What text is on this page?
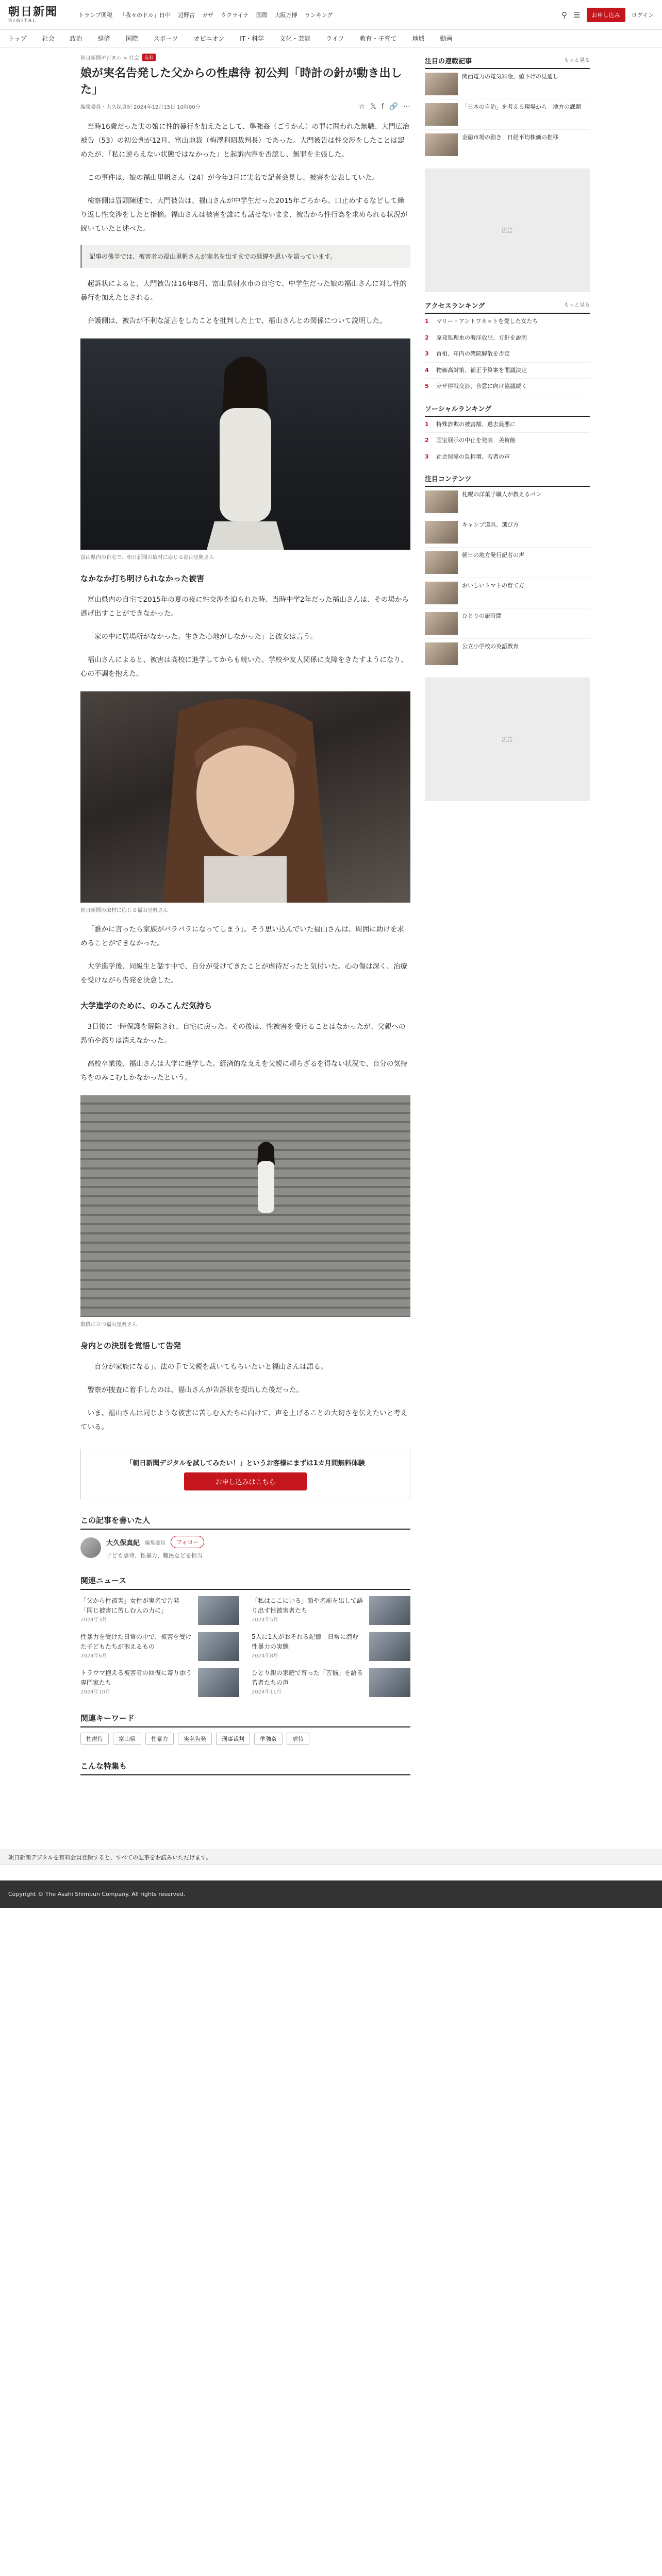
朝日新聞
DIGITAL
トランプ関税 「我々のドル」日中 辺野古 ガザ ウクライナ 国際 大阪万博 ランキング	⚲ ☰	お申し込み	ログイン
トップ	社会	政治	経済	国際	スポーツ	オピニオン	IT・科学	文化・芸能	ライフ	教育・子育て	地域	動画
朝日新聞デジタル > 社会	有料
娘が実名告発した父からの性虐待 初公判「時計の針が動き出した」
編集委員・大久保真紀 2024年12月15日 10時00分	☆ 𝕏 f 🔗 ⋯

当時16歳だった実の娘に性的暴行を加えたとして、準強姦（ごうかん）の罪に問われた無職、大門広治被告（53）の初公判が12月、富山地裁（梅澤利昭裁判長）であった。大門被告は性交渉をしたことは認めたが、「私に逆らえない状態ではなかった」と起訴内容を否認し、無罪を主張した。

この事件は、娘の福山里帆さん（24）が今年3月に実名で記者会見し、被害を公表していた。

検察側は冒頭陳述で、大門被告は、福山さんが中学生だった2015年ごろから、口止めするなどして繰り返し性交渉をしたと指摘。福山さんは被害を誰にも話せないまま、被告から性行為を求められる状況が続いていたと述べた。

記事の後半では、被害者の福山里帆さんが実名を出すまでの経緯や思いを語っています。

起訴状によると、大門被告は16年8月、富山県射水市の自宅で、中学生だった娘の福山さんに対し性的暴行を加えたとされる。

弁護側は、被告が不利な証言をしたことを批判した上で、福山さんとの関係について説明した。

富山県内の自宅で、朝日新聞の取材に応じる福山里帆さん
なかなか打ち明けられなかった被害

富山県内の自宅で2015年の夏の夜に性交渉を迫られた時、当時中学2年だった福山さんは、その場から逃げ出すことができなかった。

「家の中に居場所がなかった。生きた心地がしなかった」と彼女は言う。

福山さんによると、被害は高校に進学してからも続いた。学校や友人関係に支障をきたすようになり、心の不調を抱えた。

朝日新聞の取材に応じる福山里帆さん

「誰かに言ったら家族がバラバラになってしまう」。そう思い込んでいた福山さんは、周囲に助けを求めることができなかった。

大学進学後、同級生と話す中で、自分が受けてきたことが虐待だったと気付いた。心の傷は深く、治療を受けながら告発を決意した。

大学進学のために、のみこんだ気持ち

3日後に一時保護を解除され、自宅に戻った。その後は、性被害を受けることはなかったが、父親への恐怖や怒りは消えなかった。

高校卒業後、福山さんは大学に進学した。経済的な支えを父親に頼らざるを得ない状況で、自分の気持ちをのみこむしかなかったという。

階段に立つ福山里帆さん
身内との決別を覚悟して告発

「自分が家族になる」。法の手で父親を裁いてもらいたいと福山さんは語る。

警察が捜査に着手したのは、福山さんが告訴状を提出した後だった。

いま、福山さんは同じような被害に苦しむ人たちに向けて、声を上げることの大切さを伝えたいと考えている。

「朝日新聞デジタルを試してみたい！」というお客様にまずは1カ月間無料体験
お申し込みはこちら
この記事を書いた人
大久保真紀 編集委員	フォロー
子ども虐待、性暴力、難民などを担当
関連ニュース
「父から性被害」女性が実名で告発　「同じ被害に苦しむ人の力に」
2024年3月
「私はここにいる」顔や名前を出して語り出す性被害者たち
2024年5月
性暴力を受けた日常の中で、被害を受けた子どもたちが抱えるもの
2024年6月
5人に1人がおそれる記憶　日常に潜む性暴力の実態
2024年8月
トラウマ抱える被害者の回復に寄り添う専門家たち
2024年10月
ひとり親の家庭で育った「苦悩」を語る若者たちの声
2024年11月
関連キーワード
性虐待	富山県	性暴力	実名告発	刑事裁判	準強姦	虐待
こんな特集も
注目の連載記事	もっと見る
関西電力の電気料金、値下げの見通し
「日本の自治」を考える現場から　地方の課題
金融市場の動き　日経平均株価の推移
広告
アクセスランキング	もっと見る
1	マリー・アントワネットを愛した女たち
2	原発処理水の海洋放出、方針を説明
3	首相、年内の衆院解散を否定
4	物価高対策、補正予算案を閣議決定
5	ガザ停戦交渉、合意に向け協議続く
ソーシャルランキング
1	特殊詐欺の被害額、過去最悪に
2	国宝展示の中止を発表　美術館
3	社会保障の負担増、若者の声
注目コンテンツ
札幌の洋菓子職人が教えるパン
キャンプ道具、選び方
朝日の地方発行記者の声
おいしいトマトの育て方
ひとりの旅時間
公立小学校の英語教育
広告
朝日新聞デジタルを有料会員登録すると、すべての記事をお読みいただけます。
Copyright © The Asahi Shimbun Company. All rights reserved.
